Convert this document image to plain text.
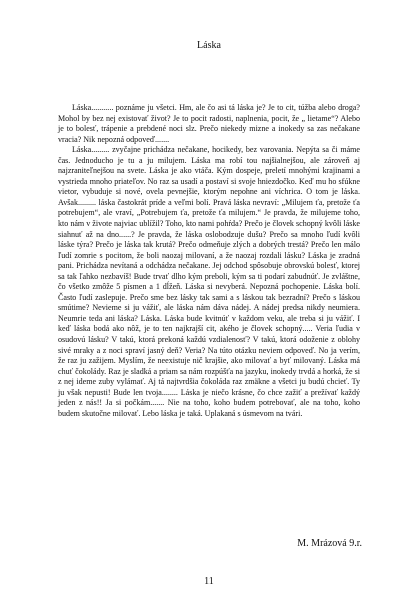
Láska

Láska........... poznáme ju všetci. Hm, ale čo asi tá láska je? Je to cit, túžba alebo droga? Mohol by bez nej existovať život? Je to pocit radosti, naplnenia, pocit, že „ lietame“? Alebo je to bolesť, trápenie a prebdené noci slz. Prečo niekedy mizne a inokedy sa zas nečakane vracia? Nik nepozná odpoveď.......

Láska......... zvyčajne prichádza nečakane, hocikedy, bez varovania. Nepýta sa či máme čas. Jednoducho je tu a ju milujem. Láska ma robí tou najšialnejšou, ale zároveň aj najzraniteľnejšou na svete. Láska je ako vtáča. Kým dospeje, preletí mnohými krajinami a vystrieda mnoho priateľov. No raz sa usadí a postaví si svoje hniezdočko. Keď mu ho sfúkne vietor, vybuduje si nové, ovela pevnejšie, ktorým nepohne ani víchrica. O tom je láska. Avšak......... láska častokrát príde a veľmi bolí. Pravá láska nevraví: „Milujem ťa, pretože ťa potrebujem“, ale vraví, „Potrebujem ťa, pretože ťa milujem.“ Je pravda, že milujeme toho, kto nám v živote najviac ublížil? Toho, kto nami pohŕda? Prečo je človek schopný kvôli láske siahnuť až na dno......? Je pravda, že láska oslobodzuje dušu? Prečo sa mnoho ľudí kvôli láske týra? Prečo je láska tak krutá? Prečo odmeňuje zlých a dobrých trestá? Prečo len málo ľudí zomrie s pocitom, že boli naozaj milovaní, a že naozaj rozdali lásku? Láska je zradná pani. Prichádza nevítaná a odchádza nečakane. Jej odchod spôsobuje obrovskú bolesť, ktorej sa tak ľahko nezbavíš! Bude trvať dlho kým preboli, kým sa ti podarí zabudnúť. Je zvláštne, čo všetko zmôže 5 písmen a 1 dĺžeň. Láska si nevyberá. Nepozná pochopenie. Láska bolí. Často ľudí zaslepuje. Prečo sme bez lásky tak sami a s láskou tak bezradní? Prečo s láskou smútime? Nevieme si ju vážiť, ale láska nám dáva nádej. A nádej predsa nikdy neumiera. Neumrie teda ani láska? Láska. Láska bude kvitnúť v každom veku, ale treba si ju vážiť. I keď láska bodá ako nôž, je to ten najkrajší cit, akého je človek schopný..... Veria ľudia v osudovú lásku? V takú, ktorá prekoná každú vzdialenosť? V takú, ktorá odoženie z oblohy sivé mraky a z noci spraví jasný deň? Veria? Na túto otázku neviem odpoveď. No ja verím, že raz ju zažijem. Myslím, že neexistuje nič krajšie, ako milovať a byť milovaný. Láska má chuť čokolády. Raz je sladká a priam sa nám rozpúšťa na jazyku, inokedy trvdá a horká, že si z nej ideme zuby vylámať. Aj tá najtvrdšia čokoláda raz zmäkne a všetci ju budú chcieť. Ty ju však nepusti! Bude len tvoja........ Láska je niečo krásne, čo chce zažiť a prežívať každý jeden z nás!! Ja si počkám....... Nie na toho, koho budem potrebovať, ale na toho, koho budem skutočne milovať. Lebo láska je taká. Uplakaná s úsmevom na tvári.

M. Mrázová 9.r.
11
